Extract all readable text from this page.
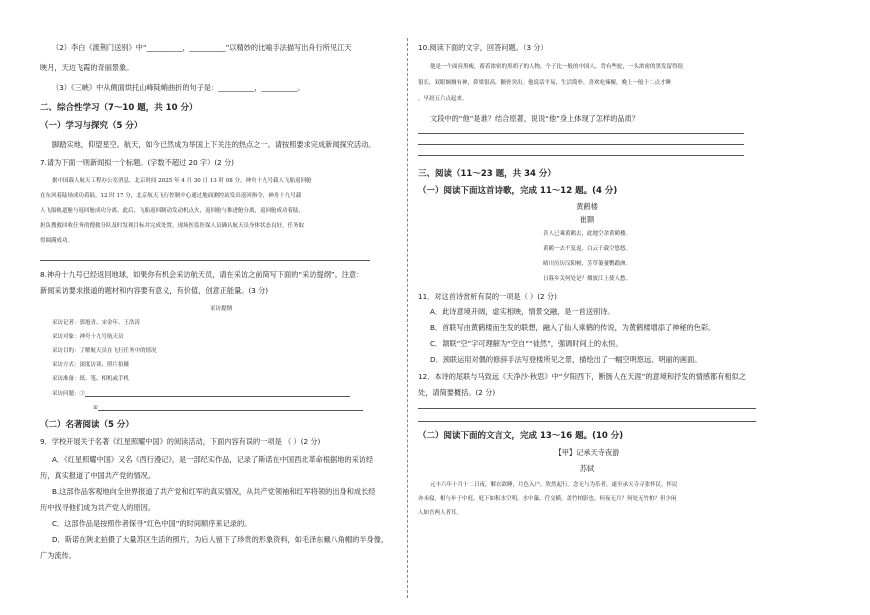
（2）李白《渡荆门送别》中“__________，__________”以精妙的比喻手法描写出舟行所见江天
映月，天边飞霞的奇丽景象。
（3）《三峡》中从侧面烘托山峰陡峭曲折的句子是：__________，__________。
二、综合性学习（7～10 题，共 10 分）
（一）学习与探究（5 分）
脚踏实地，仰望星空。航天，如今已然成为举国上下关注的热点之一。请按照要求完成新闻探究活动。
7.请为下面一则新闻拟一个标题。(字数不超过 20 字）(2 分)
据中国载人航天工程办公室消息，北京时间 2025 年 4 月 30 日 13 时 08 分，神舟十九号载人飞船返回舱
在东风着陆场成功着陆。12 时 17 分，北京航天飞行控制中心通过地面测控站发出返回指令，神舟十九号载
人飞船轨道舱与返回舱成功分离。此后，飞船返回制动发动机点火，返回舱与推进舱分离，返回舱成功着陆，
担负搜救回收任务的搜救分队及时发现目标并完成处置。现场医监医保人员确认航天员身体状态良好，任务取
得圆满成功。
8.神舟十九号已经返回地球，如果你有机会采访航天员，请在采访之前简写下面的“采访提纲”。注意：
新闻采访要求报道的题材和内容要有意义，有价值，创意正能量。(3 分)
采访提纲
采访记者：郭旭青、宋金年、王浩涛
采访对象：神舟十九号航天员
采访目的：了解航天员在飞行任务中的情况
采访方式：深度访谈、照片拍摄
采访准备：纸、笔、相机或手机
采访问题：①
②
（二）名著阅读（5 分）
9．学校开展关于名著《红星照耀中国》的阅读活动，下面内容有误的一项是 （ ）(2 分)
A．《红星照耀中国》又名《西行漫记》，是一部纪实作品，记录了斯诺在中国西北革命根据地的采访经
历，真实报道了中国共产党的情况。
B.这部作品客观地向全世界报道了共产党和红军的真实情况，从共产党领袖和红军将领的出身和成长经
历中找寻他们成为共产党人的原因。
C．这部作品是按照作者探寻“红色中国”的时间顺序来记录的。
D．斯诺在陕北拍摄了大量苏区生活的照片，为后人留下了珍贵的形象资料，如毛泽东戴八角帽的半身像，
广为流传。
10.阅读下面的文字，回答问题。（3 分）
他是一个面容黑瘦，蓄着浓密的黑胡子的人物，个子比一般的中国人，背有些驼，一头浓密的黑发留得很
很长，双眼炯炯有神，鼻梁很高，颧骨突出。他说话平易，生活简朴，喜欢吃辣椒，晚上一般十二点才睡
，早晨五六点起来。
文段中的“他”是谁？结合原著，说说“他”身上体现了怎样的品质？
三、阅读（11～23 题，共 34 分）
（一）阅读下面这首诗歌，完成 11～12 题。(4 分)
黄鹤楼
崔颢
昔人已乘黄鹤去，此地空余黄鹤楼。
黄鹤一去不复返，白云千载空悠悠。
晴川历历汉阳树，芳草萋萋鹦鹉洲。
日暮乡关何处是？烟波江上使人愁。
11．对这首诗赏析有误的一项是（ ）(2 分)
A．此诗意境开阔，虚实相映，情景交融，是一首送别诗。
B．首联写由黄鹤楼而生发的联想，融入了仙人乘鹤的传说，为黄鹤楼增添了神秘的色彩。
C．颔联“空”字可理解为“空自”“徒然”，强调时间上的永恒。
D．颈联运用对偶的修辞手法写登楼所见之景，描绘出了一幅空明悠远、明丽的画面。
12．本诗的尾联与马致远《天净沙·秋思》中“夕阳西下，断肠人在天涯”的意境和抒发的情感都有相似之
处，请简要概括。(2 分)
（二）阅读下面的文言文，完成 13～16 题。(10 分)
【甲】记承天寺夜游
苏轼
元丰六年十月十二日夜，解衣欲睡，月色入户，欣然起行。念无与为乐者，遂至承天寺寻张怀民。怀民
亦未寝，相与步于中庭。庭下如积水空明，水中藻、荇交横，盖竹柏影也。何夜无月？何处无竹柏？但少闲
人如吾两人者耳。
